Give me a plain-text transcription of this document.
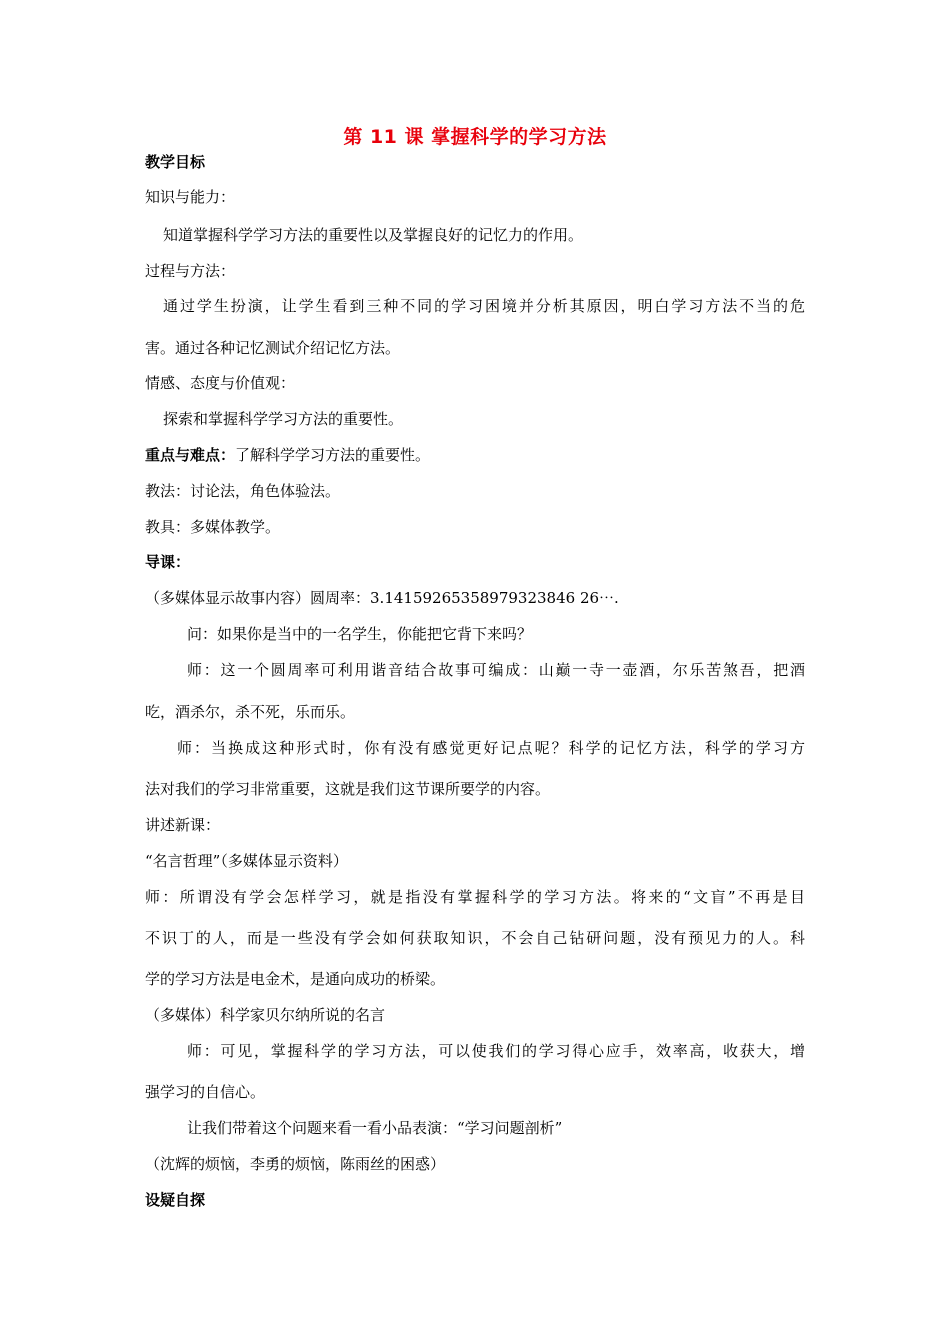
第 11 课 掌握科学的学习方法
教学目标
知识与能力：
知道掌握科学学习方法的重要性以及掌握良好的记忆力的作用。
过程与方法：
通过学生扮演，让学生看到三种不同的学习困境并分析其原因，明白学习方法不当的危
害。通过各种记忆测试介绍记忆方法。
情感、态度与价值观：
探索和掌握科学学习方法的重要性。
重点与难点：了解科学学习方法的重要性。
教法：讨论法，角色体验法。
教具：多媒体教学。
导课：
（多媒体显示故事内容）圆周率：3.14159265358979323846 26⋯.
问：如果你是当中的一名学生，你能把它背下来吗？
师：这一个圆周率可利用谐音结合故事可编成：山巅一寺一壶酒，尔乐苦煞吾，把酒
吃，酒杀尔，杀不死，乐而乐。
师：当换成这种形式时，你有没有感觉更好记点呢？科学的记忆方法，科学的学习方
法对我们的学习非常重要，这就是我们这节课所要学的内容。
讲述新课：
“名言哲理”（多媒体显示资料）
师：所谓没有学会怎样学习，就是指没有掌握科学的学习方法。将来的“文盲”不再是目
不识丁的人，而是一些没有学会如何获取知识，不会自己钻研问题，没有预见力的人。科
学的学习方法是电金术，是通向成功的桥梁。
（多媒体）科学家贝尔纳所说的名言
师：可见，掌握科学的学习方法，可以使我们的学习得心应手，效率高，收获大，增
强学习的自信心。
让我们带着这个问题来看一看小品表演：“学习问题剖析”
（沈辉的烦恼，李勇的烦恼，陈雨丝的困惑）
设疑自探
